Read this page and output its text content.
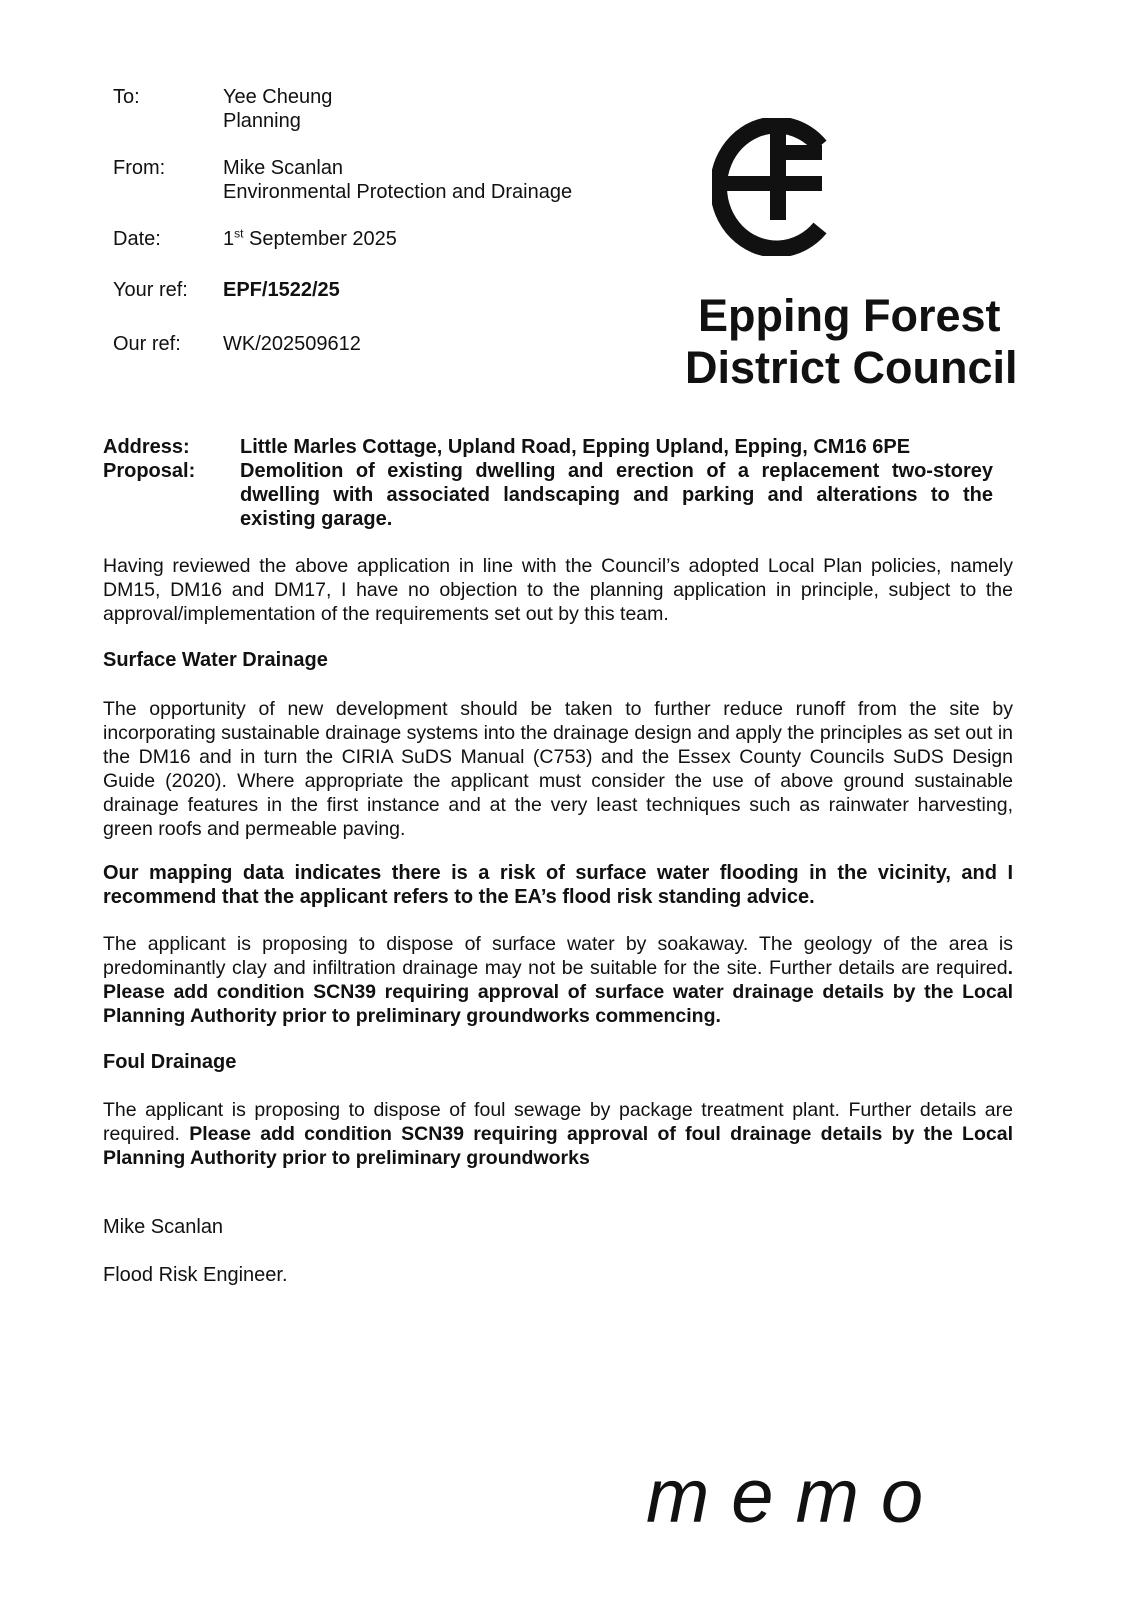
To:	Yee Cheung
Planning
From:	Mike Scanlan
Environmental Protection and Drainage
Date:	1st September 2025
Your ref:	EPF/1522/25
Our ref:	WK/202509612
Epping Forest
District Council
Address:	Little Marles Cottage, Upland Road, Epping Upland, Epping, CM16 6PE
Proposal: Demolition of existing dwelling and erection of a replacement two-storey dwelling with associated landscaping and parking and alterations to the existing garage.
Having reviewed the above application in line with the Council’s adopted Local Plan policies, namely DM15, DM16 and DM17, I have no objection to the planning application in principle, subject to the approval/implementation of the requirements set out by this team.
Surface Water Drainage
The opportunity of new development should be taken to further reduce runoff from the site by incorporating sustainable drainage systems into the drainage design and apply the principles as set out in the DM16 and in turn the CIRIA SuDS Manual (C753) and the Essex County Councils SuDS Design Guide (2020). Where appropriate the applicant must consider the use of above ground sustainable drainage features in the first instance and at the very least techniques such as rainwater harvesting, green roofs and permeable paving.
Our mapping data indicates there is a risk of surface water flooding in the vicinity, and I recommend that the applicant refers to the EA’s flood risk standing advice.
The applicant is proposing to dispose of surface water by soakaway. The geology of the area is predominantly clay and infiltration drainage may not be suitable for the site. Further details are required. Please add condition SCN39 requiring approval of surface water drainage details by the Local Planning Authority prior to preliminary groundworks commencing.
Foul Drainage
The applicant is proposing to dispose of foul sewage by package treatment plant. Further details are required. Please add condition SCN39 requiring approval of foul drainage details by the Local Planning Authority prior to preliminary groundworks
Mike Scanlan
Flood Risk Engineer.
memo
